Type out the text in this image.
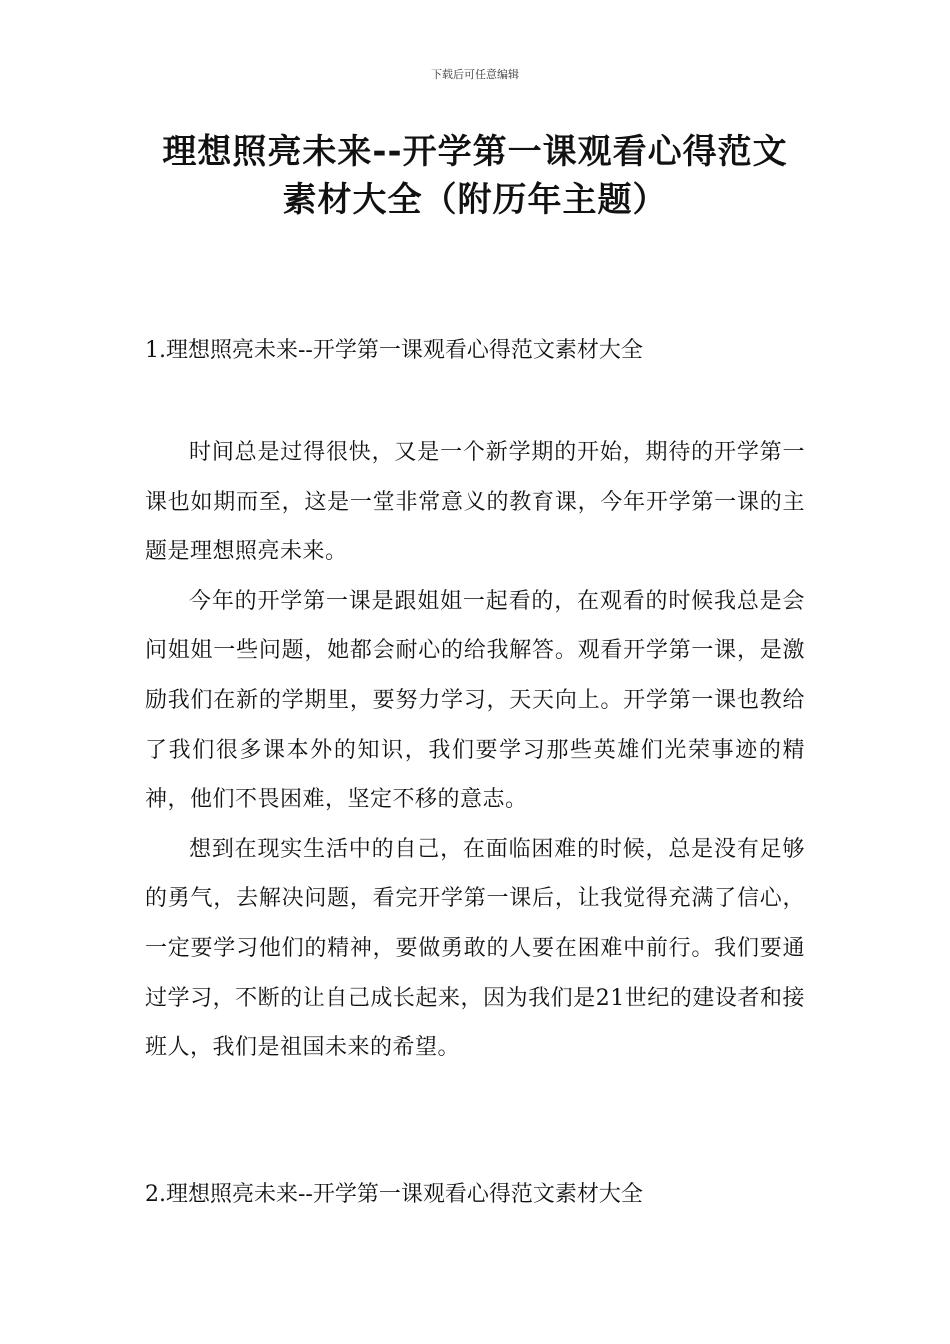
下载后可任意编辑
理想照亮未来--开学第一课观看心得范文
素材大全（附历年主题）
1.理想照亮未来--开学第一课观看心得范文素材大全

时间总是过得很快，又是一个新学期的开始，期待的开学第一课也如期而至，这是一堂非常意义的教育课，今年开学第一课的主题是理想照亮未来。

今年的开学第一课是跟姐姐一起看的，在观看的时候我总是会问姐姐一些问题，她都会耐心的给我解答。观看开学第一课，是激励我们在新的学期里，要努力学习，天天向上。开学第一课也教给了我们很多课本外的知识，我们要学习那些英雄们光荣事迹的精神，他们不畏困难，坚定不移的意志。

想到在现实生活中的自己，在面临困难的时候，总是没有足够的勇气，去解决问题，看完开学第一课后，让我觉得充满了信心，一定要学习他们的精神，要做勇敢的人要在困难中前行。我们要通过学习，不断的让自己成长起来，因为我们是21世纪的建设者和接班人，我们是祖国未来的希望。

2.理想照亮未来--开学第一课观看心得范文素材大全
